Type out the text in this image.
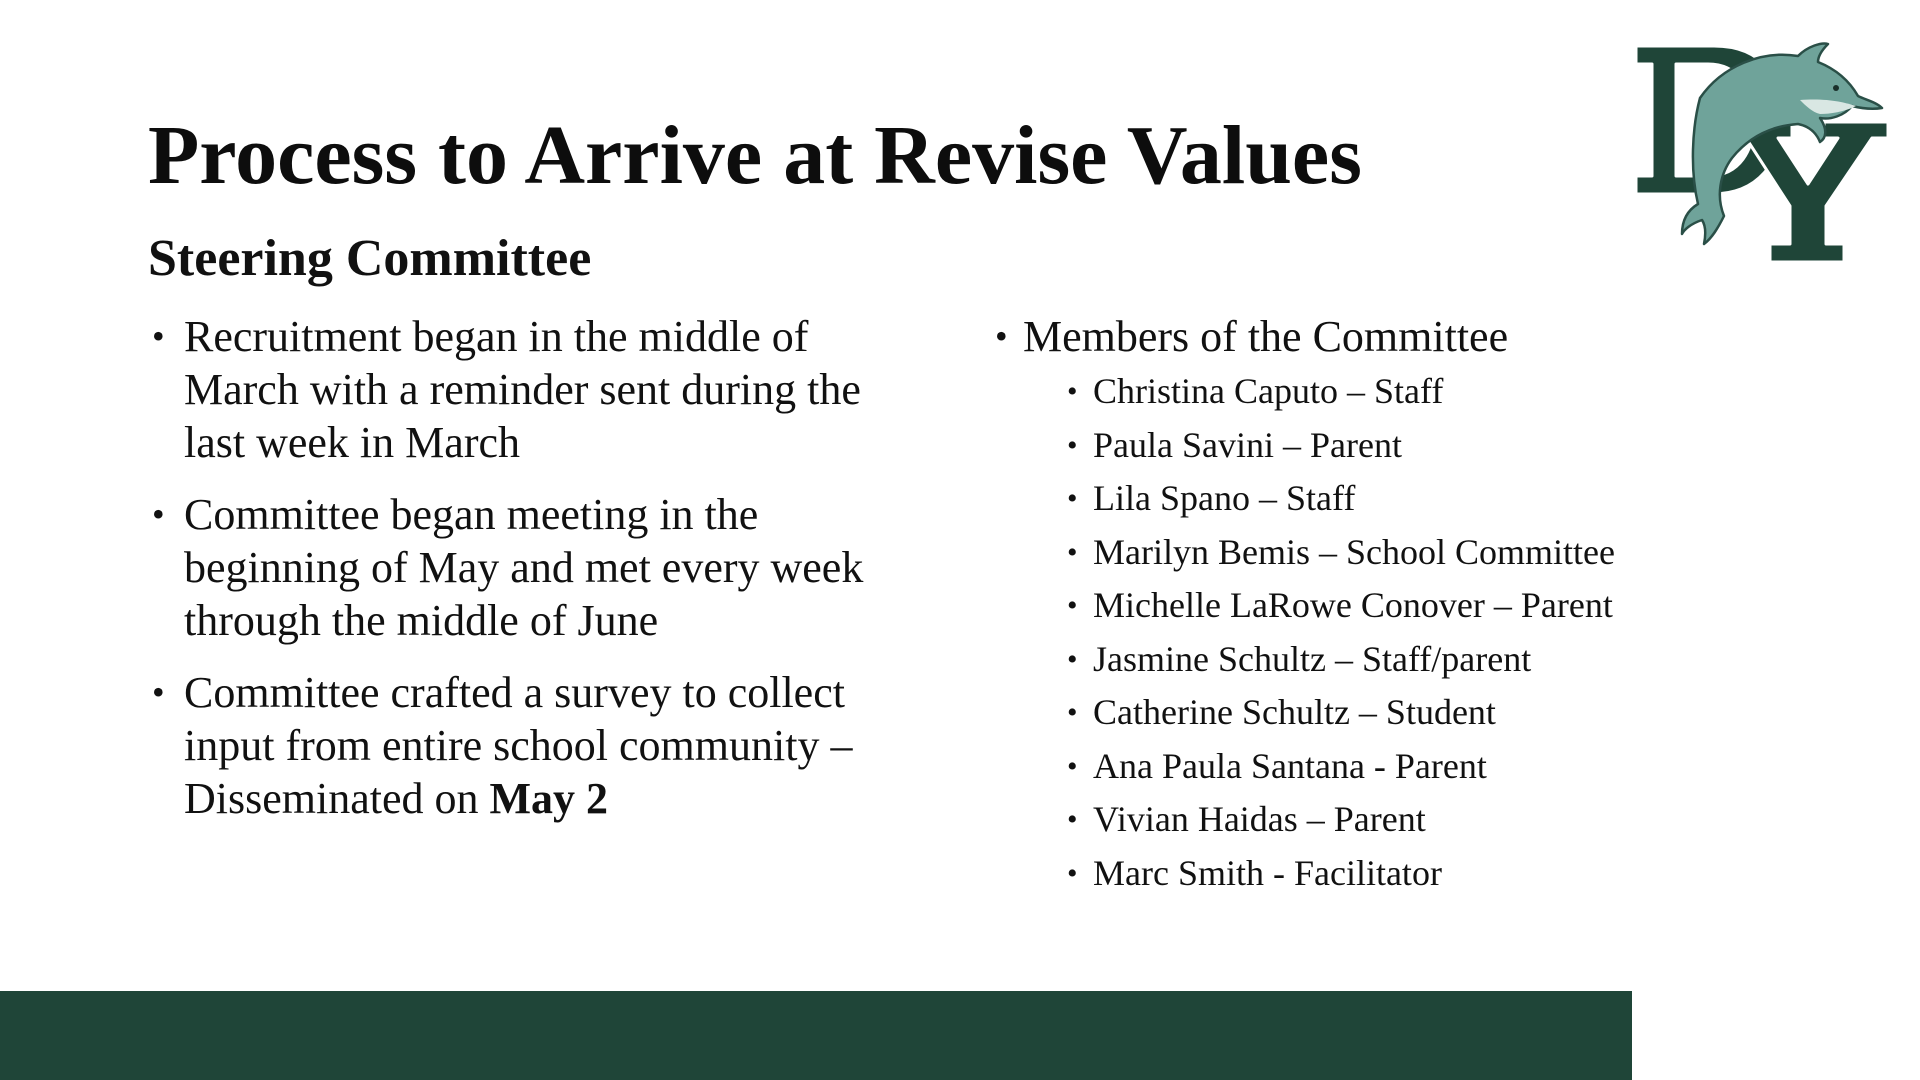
Process to Arrive at Revise Values
Steering Committee
• Recruitment began in the middle of March with a reminder sent during the last week in March
• Committee began meeting in the beginning of May and met every week through the middle of June
• Committee crafted a survey to collect input from entire school community – Disseminated on May 2
• Members of the Committee
• Christina Caputo – Staff
• Paula Savini – Parent
• Lila Spano – Staff
• Marilyn Bemis – School Committee
• Michelle LaRowe Conover – Parent
• Jasmine Schultz – Staff/parent
• Catherine Schultz – Student
• Ana Paula Santana - Parent
• Vivian Haidas – Parent
• Marc Smith - Facilitator
